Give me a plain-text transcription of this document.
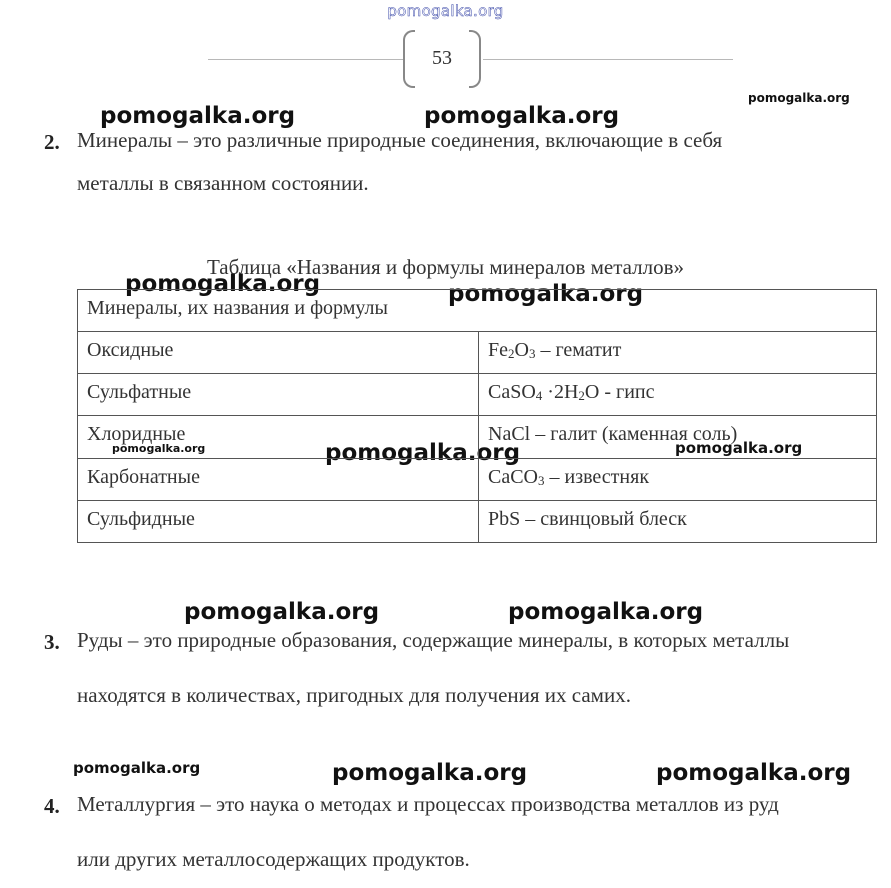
pomogalka.org
53
pomogalka.org	pomogalka.org
pomogalka.org
pomogalka.org	pomogalka.org
pomogalka.org	pomogalka.org	pomogalka.org
pomogalka.org	pomogalka.org
pomogalka.org	pomogalka.org	pomogalka.org
2. Минералы – это различные природные соединения, включающие в себя
металлы в связанном состоянии.
Таблица «Названия и формулы минералов металлов»
Минералы, их названия и формулы	
Оксидные	$Fe_2O_3$ – гематит
Сульфатные	CaSO$_4$ $\cdot 2H_2O$ - гипс
Хлоридные	NaCl – галит (каменная соль)
Карбонатные	CaCO$_3$ – известняк
Сульфидные	PbS – свинцовый блеск
3. Руды – это природные образования, содержащие минералы, в которых металлы
находятся в количествах, пригодных для получения их самих.
4. Металлургия – это наука о методах и процессах производства металлов из руд
или других металлосодержащих продуктов.
